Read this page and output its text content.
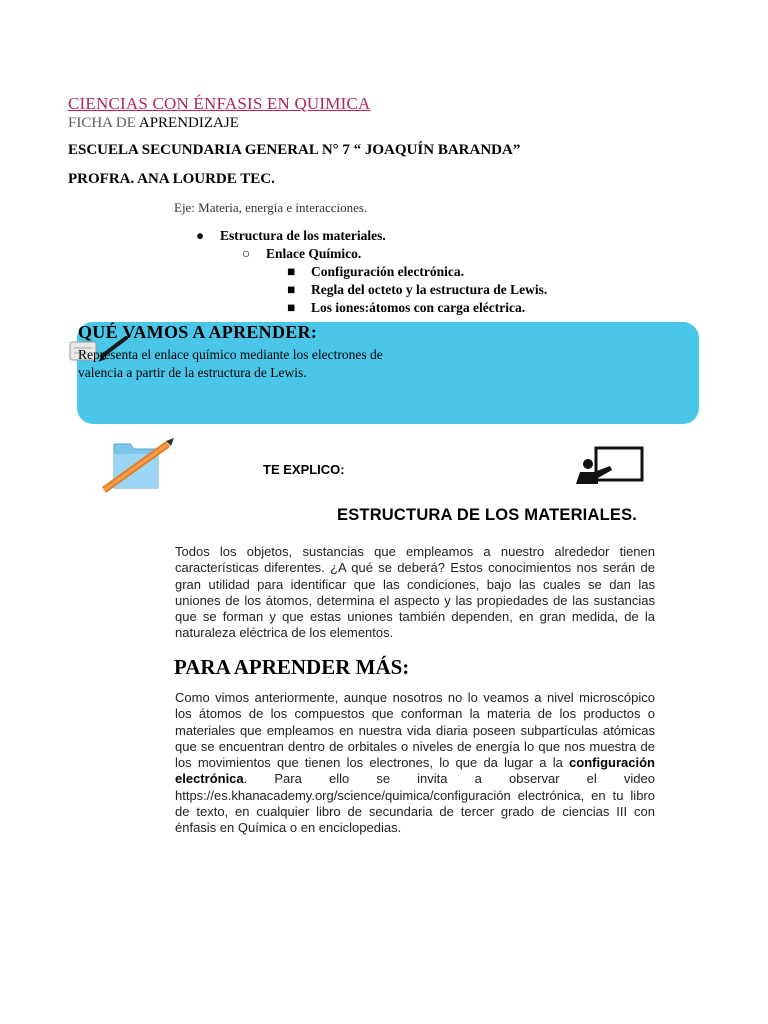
CIENCIAS CON ÉNFASIS EN QUIMICA
FICHA DE APRENDIZAJE
ESCUELA SECUNDARIA GENERAL N° 7 “ JOAQUÍN BARANDA”
PROFRA. ANA LOURDE TEC.
Eje: Materia, energía e interacciones.
● Estructura de los materiales.
○ Enlace Químico.
■ Configuración electrónica.
■ Regla del octeto y la estructura de Lewis.
■ Los iones:átomos con carga eléctrica.
QUÉ VAMOS A APRENDER:
Representa el enlace químico mediante los electrones de
valencia a partir de la estructura de Lewis.
TE EXPLICO:
ESTRUCTURA DE LOS MATERIALES.
Todos los objetos, sustancias que empleamos a nuestro alrededor tienen características diferentes. ¿A qué se deberá? Estos conocimientos nos serán de gran utilidad para identificar que las condiciones, bajo las cuales se dan las uniones de los átomos, determina el aspecto y las propiedades de las sustancias que se forman y que estas uniones también dependen, en gran medida, de la naturaleza eléctrica de los elementos.
PARA APRENDER MÁS:
Como vimos anteriormente, aunque nosotros no lo veamos a nivel microscópico los átomos de los compuestos que conforman la materia de los productos o materiales que empleamos en nuestra vida diaria poseen subpartículas atómicas que se encuentran dentro de orbitales o niveles de energía lo que nos muestra de los movimientos que tienen los electrones, lo que da lugar a la configuración electrónica. Para ello se invita a observar el video https://es.khanacademy.org/science/quimica/configuración electrónica, en tu libro de texto, en cualquier libro de secundaria de tercer grado de ciencias III con énfasis en Química o en enciclopedias.
